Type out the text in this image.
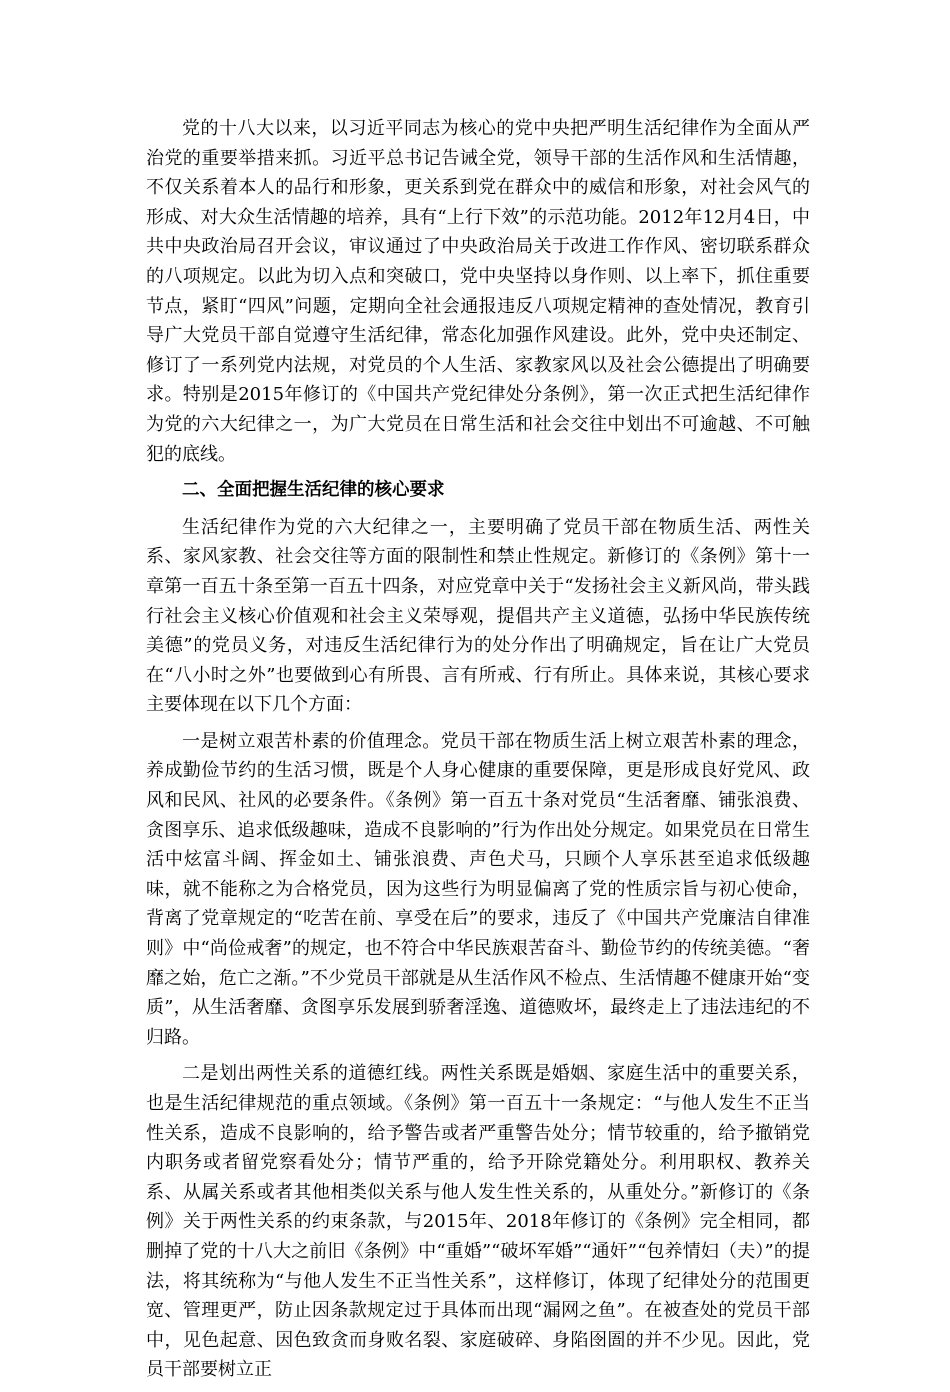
党的十八大以来，以习近平同志为核心的党中央把严明生活纪律作为全面从严治党的重要举措来抓。习近平总书记告诫全党，领导干部的生活作风和生活情趣，不仅关系着本人的品行和形象，更关系到党在群众中的威信和形象，对社会风气的形成、对大众生活情趣的培养，具有“上行下效”的示范功能。2012年12月4日，中共中央政治局召开会议，审议通过了中央政治局关于改进工作作风、密切联系群众的八项规定。以此为切入点和突破口，党中央坚持以身作则、以上率下，抓住重要节点，紧盯“四风”问题，定期向全社会通报违反八项规定精神的查处情况，教育引导广大党员干部自觉遵守生活纪律，常态化加强作风建设。此外，党中央还制定、修订了一系列党内法规，对党员的个人生活、家教家风以及社会公德提出了明确要求。特别是2015年修订的《中国共产党纪律处分条例》，第一次正式把生活纪律作为党的六大纪律之一，为广大党员在日常生活和社会交往中划出不可逾越、不可触犯的底线。

二、全面把握生活纪律的核心要求

生活纪律作为党的六大纪律之一，主要明确了党员干部在物质生活、两性关系、家风家教、社会交往等方面的限制性和禁止性规定。新修订的《条例》第十一章第一百五十条至第一百五十四条，对应党章中关于“发扬社会主义新风尚，带头践行社会主义核心价值观和社会主义荣辱观，提倡共产主义道德，弘扬中华民族传统美德”的党员义务，对违反生活纪律行为的处分作出了明确规定，旨在让广大党员在“八小时之外”也要做到心有所畏、言有所戒、行有所止。具体来说，其核心要求主要体现在以下几个方面：

一是树立艰苦朴素的价值理念。党员干部在物质生活上树立艰苦朴素的理念，养成勤俭节约的生活习惯，既是个人身心健康的重要保障，更是形成良好党风、政风和民风、社风的必要条件。《条例》第一百五十条对党员“生活奢靡、铺张浪费、贪图享乐、追求低级趣味，造成不良影响的”行为作出处分规定。如果党员在日常生活中炫富斗阔、挥金如土、铺张浪费、声色犬马，只顾个人享乐甚至追求低级趣味，就不能称之为合格党员，因为这些行为明显偏离了党的性质宗旨与初心使命，背离了党章规定的“吃苦在前、享受在后”的要求，违反了《中国共产党廉洁自律准则》中“尚俭戒奢”的规定，也不符合中华民族艰苦奋斗、勤俭节约的传统美德。“奢靡之始，危亡之渐。”不少党员干部就是从生活作风不检点、生活情趣不健康开始“变质”，从生活奢靡、贪图享乐发展到骄奢淫逸、道德败坏，最终走上了违法违纪的不归路。

二是划出两性关系的道德红线。两性关系既是婚姻、家庭生活中的重要关系，也是生活纪律规范的重点领域。《条例》第一百五十一条规定：“与他人发生不正当性关系，造成不良影响的，给予警告或者严重警告处分；情节较重的，给予撤销党内职务或者留党察看处分；情节严重的，给予开除党籍处分。利用职权、教养关系、从属关系或者其他相类似关系与他人发生性关系的，从重处分。”新修订的《条例》关于两性关系的约束条款，与2015年、2018年修订的《条例》完全相同，都删掉了党的十八大之前旧《条例》中“重婚”“破坏军婚”“通奸”“包养情妇（夫）”的提法，将其统称为“与他人发生不正当性关系”，这样修订，体现了纪律处分的范围更宽、管理更严，防止因条款规定过于具体而出现“漏网之鱼”。在被查处的党员干部中，见色起意、因色致贪而身败名裂、家庭破碎、身陷囹圄的并不少见。因此，党员干部要树立正
